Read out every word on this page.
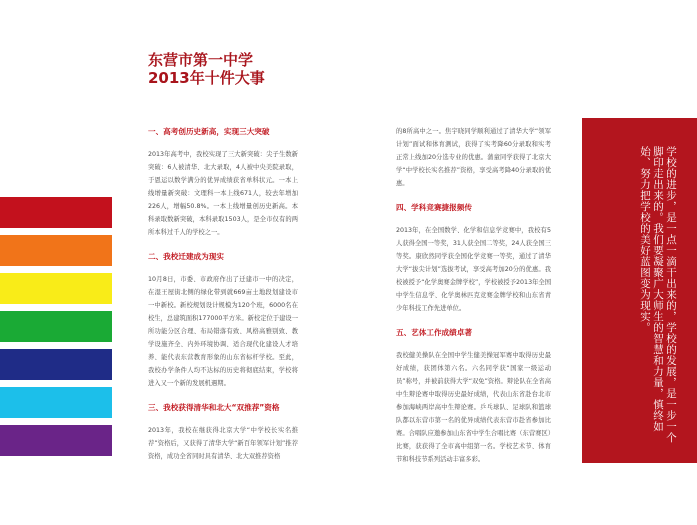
东营市第一中学
2013年十件大事
一、高考创历史新高，实现三大突破
2013年高考中，我校实现了三大新突破：尖子生数新突破：6人被清华、北大录取，4人被中央美院录取，于恩运以数学满分的优异成绩获省单科状元。一本上线增量新突破：文理科一本上线671人，较去年增加226人，增幅50.8%。一本上线增量创历史新高。本科录取数新突破，本科录取1503人，是全市仅有的两所本科过千人的学校之一。
二、我校迁建成为现实
10月8日，市委、市政府作出了迁建市一中的决定，在湿王屋街北侧的绿化带到就669亩土地段划建设市一中新校。新校规划设计规模为120个班，6000名在校生，总建筑面积177000平方米。新校定位于建设一所功能分区合理、布局错落有致、风格高雅别致、教学设施齐全、内外环境协调、适合现代化建设人才培养、能代表东营教育形象的山东省标杆学校。至此，我校办学条件人均不达标的历史将彻底结束，学校将进入又一个新的发展机遇期。
三、我校获得清华和北大“双推荐”资格
2013年，我校在继获得北京大学“中学校长实名推荐”资格后，又获得了清华大学“新百年领军计划”推荐资格，成功全省同时具有清华、北大双推荐资格
的8所高中之一。焦宇晓同学顺利通过了清华大学“领军计划”面试和体育测试，获得了实考降60分录取和实考正常上线加20分选专业的优惠。蒲童同学获得了北京大学“中学校长实名推荐”资格，享受高考降40分录取的优惠。
四、学科竞赛捷报频传
2013年，在全国数学、化学和信息学竞赛中，我校有5人获得全国一等奖，31人获全国二等奖，24人获全国三等奖。康欣然同学获全国化学竞赛一等奖，通过了清华大学“拔尖计划”选拔考试，享受高考加20分的优惠。我校被授予“化学奥赛金牌学校”，学校被授予2013年全国中学生信息学、化学奥林匹克竞赛金牌学校和山东省青少年科技工作先进单位。
五、艺体工作成绩卓著
我校健美操队在全国中学生健美操冠军赛中取得历史最好成绩，获团体第六名。六名同学获“国家一级运动员”称号，并被前获得大学“双免”资格。辩论队在全省高中生辩论赛中取得历史最好成绩，代表山东省赴台北市参加海峡两岸高中生辩论赛。乒乓球队、足球队和篮球队都以东营市第一名的优异成绩代表东营市赴省参加比赛。合唱队应邀参加山东省中学生合唱比赛（东营赛区）比赛，获获得了全市高中组第一名。学校艺术节、体育节和科技节系列活动丰富多彩。
学校的进步，是一点一滴干出来的，学校的发展，是一步一个脚印走出来的。我们要凝聚广大师生的智慧和力量，慎终如始、努力把学校的美好蓝图变为现实。
